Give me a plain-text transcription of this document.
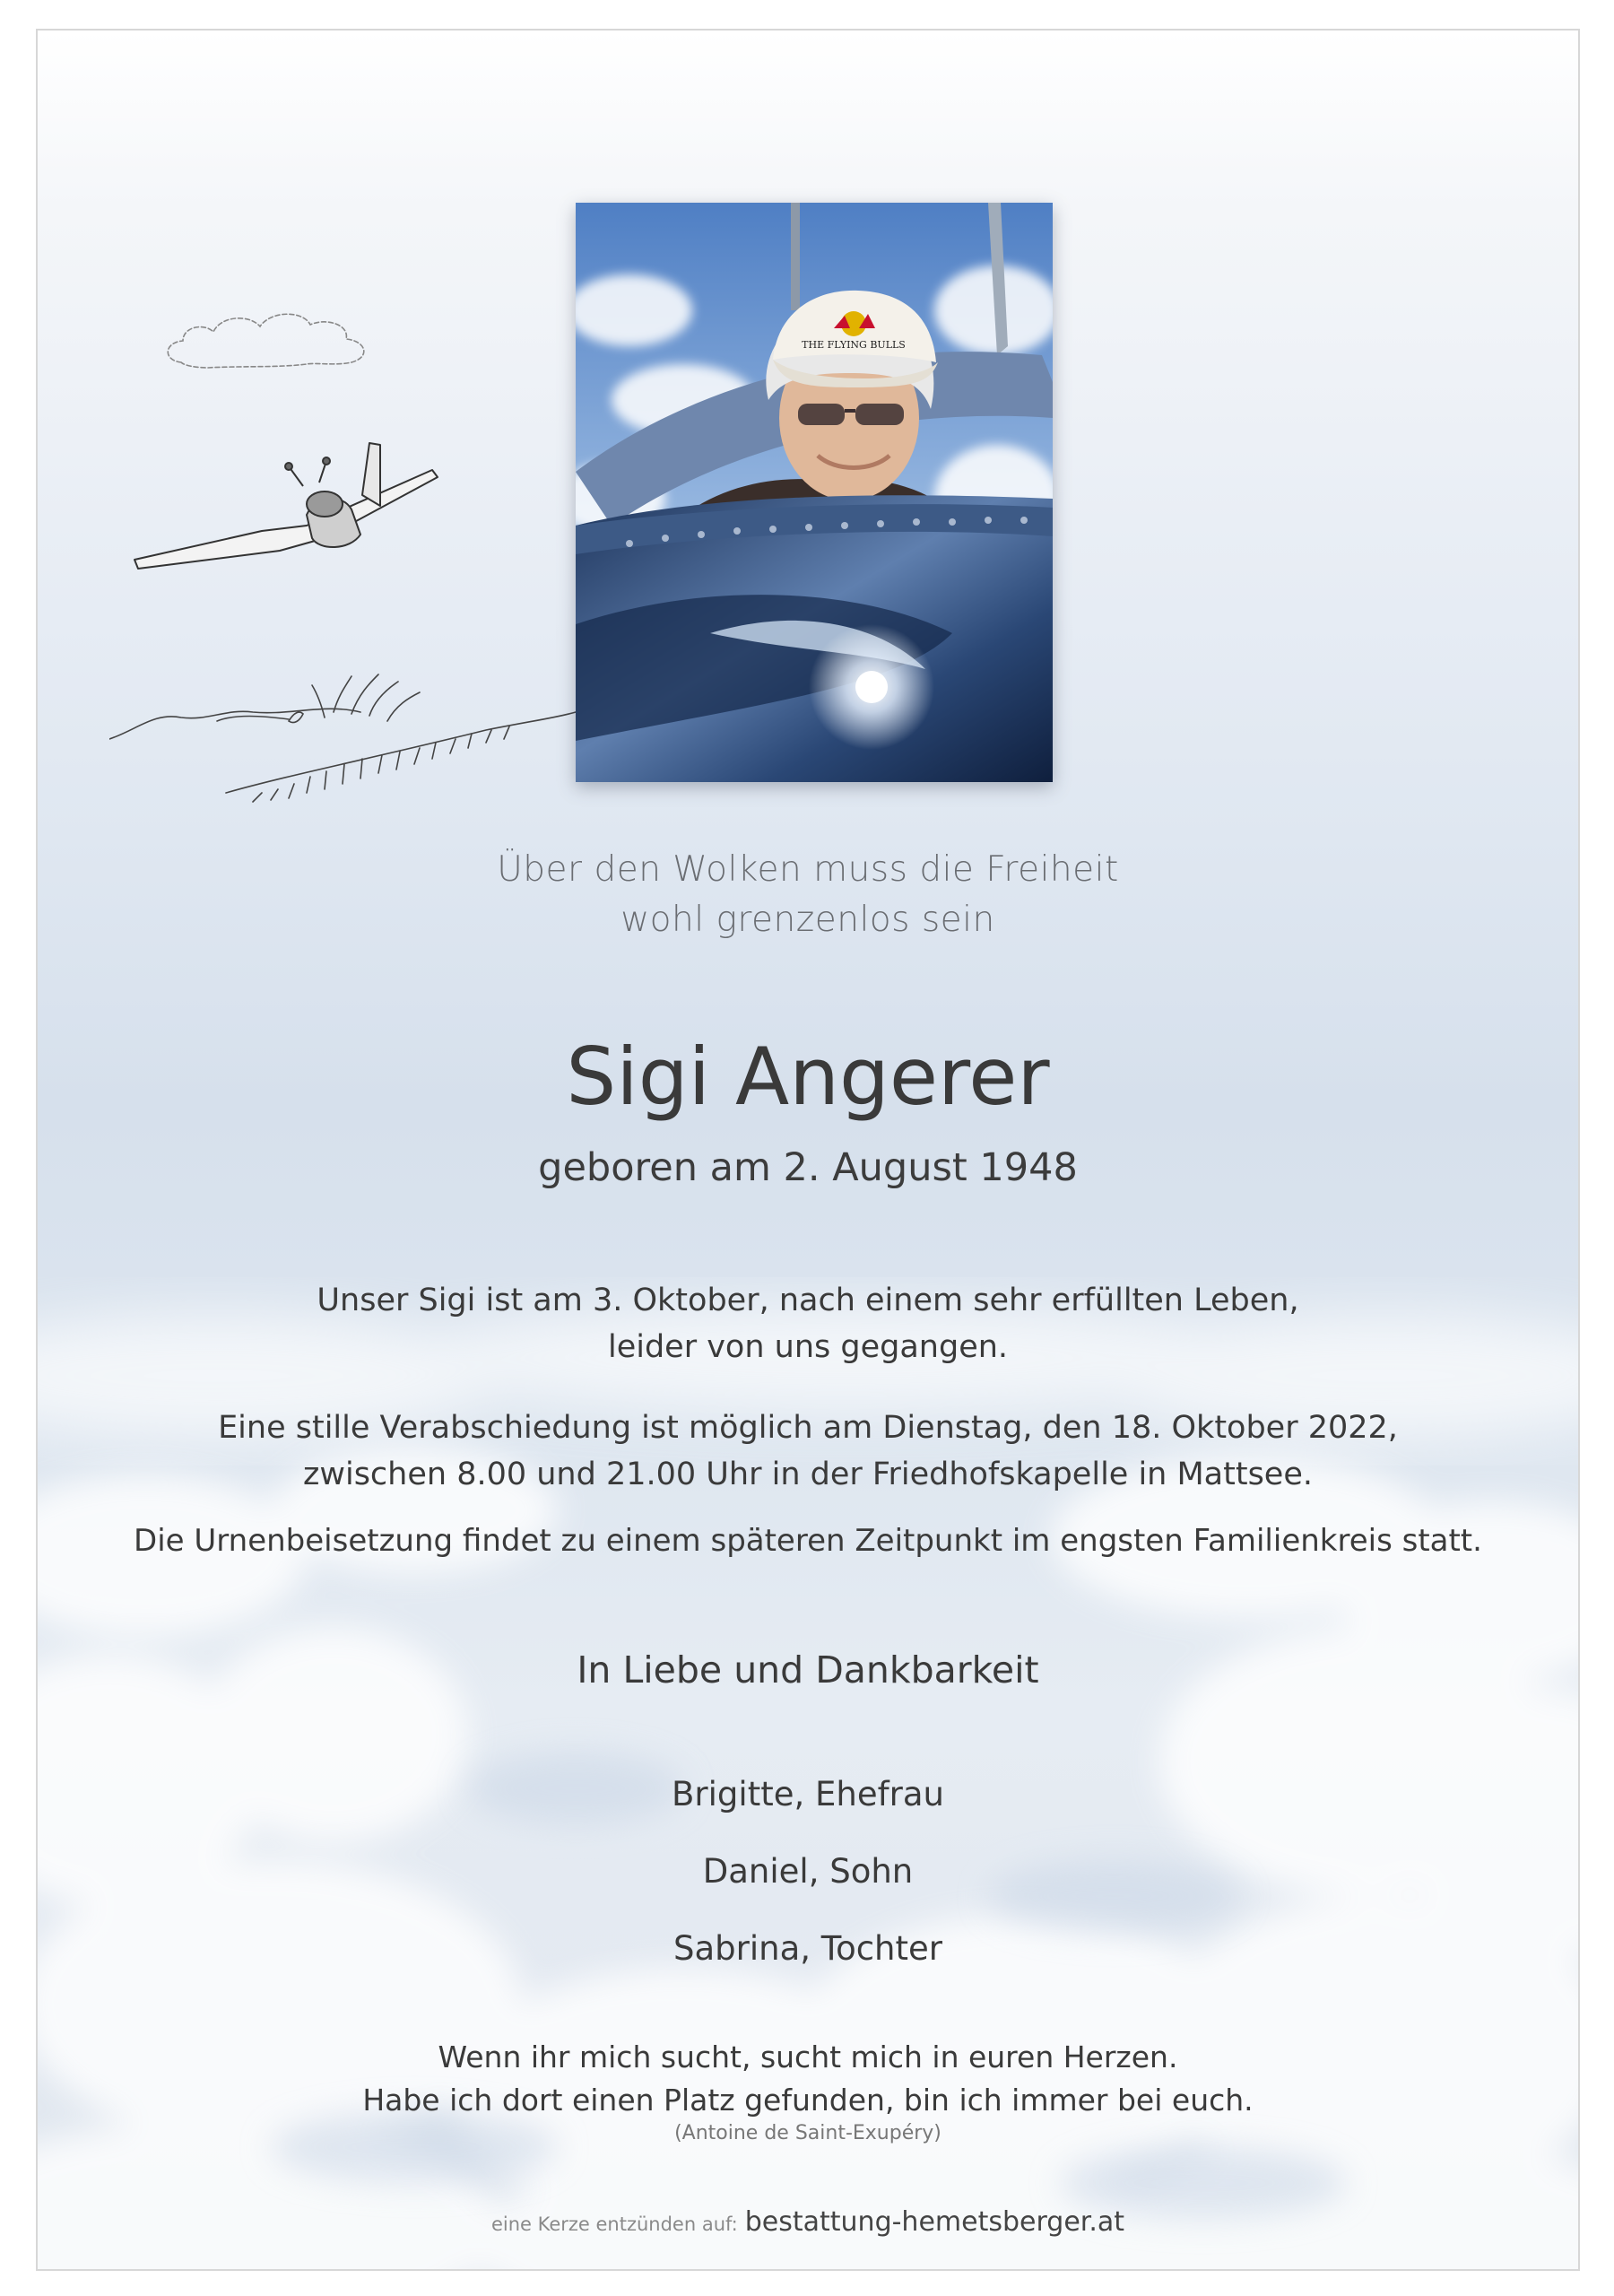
THE FLYING BULLS
Über den Wolken muss die Freiheit
wohl grenzenlos sein
Sigi Angerer
geboren am 2. August 1948
Unser Sigi ist am 3. Oktober, nach einem sehr erfüllten Leben,
leider von uns gegangen.
Eine stille Verabschiedung ist möglich am Dienstag, den 18. Oktober 2022,
zwischen 8.00 und 21.00 Uhr in der Friedhofskapelle in Mattsee.
Die Urnenbeisetzung findet zu einem späteren Zeitpunkt im engsten Familienkreis statt.
In Liebe und Dankbarkeit
Brigitte, Ehefrau
Daniel, Sohn
Sabrina, Tochter
Wenn ihr mich sucht, sucht mich in euren Herzen.
Habe ich dort einen Platz gefunden, bin ich immer bei euch.
(Antoine de Saint-Exupéry)
eine Kerze entzünden auf: bestattung-hemetsberger.at
